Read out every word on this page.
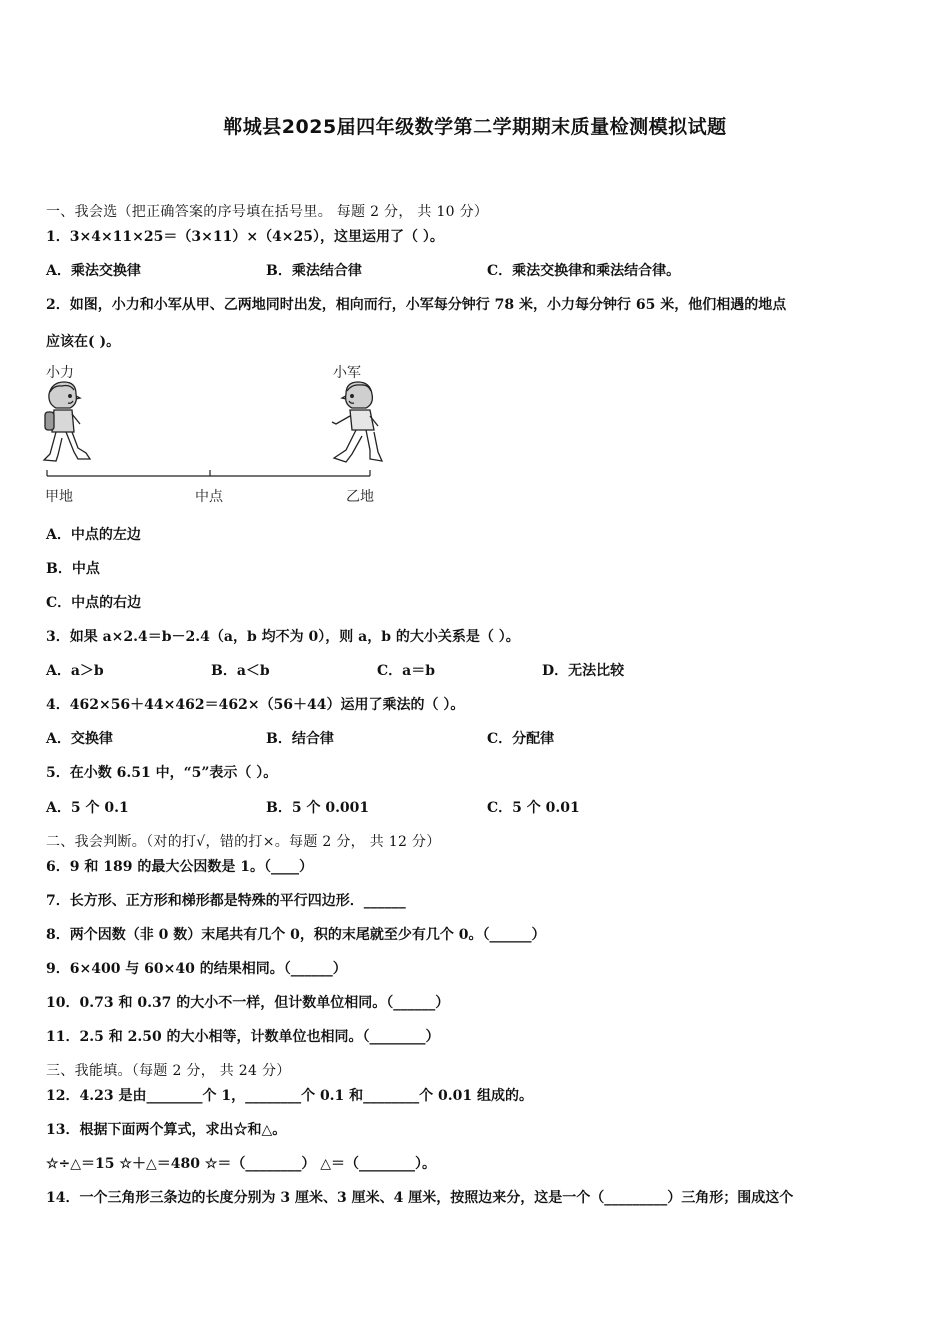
郸城县2025届四年级数学第二学期期末质量检测模拟试题
一、我会选（把正确答案的序号填在括号里。 每题 2 分， 共 10 分）
1．3×4×11×25＝（3×11）×（4×25），这里运用了（ ）。
A．乘法交换律	B．乘法结合律	C．乘法交换律和乘法结合律。
2．如图，小力和小军从甲、乙两地同时出发，相向而行，小军每分钟行 78 米，小力每分钟行 65 米，他们相遇的地点
应该在( )。
小力	小军
甲地	中点	乙地
A．中点的左边
B．中点
C．中点的右边
3．如果 a×2.4＝b－2.4（a，b 均不为 0），则 a，b 的大小关系是（ ）。
A．a＞b	B．a＜b	C．a＝b	D．无法比较
4．462×56＋44×462＝462×（56＋44）运用了乘法的（ ）。
A．交换律	B．结合律	C．分配律
5．在小数 6.51 中，“5”表示（ ）。
A．5 个 0.1	B．5 个 0.001	C．5 个 0.01
二、我会判断。（对的打√，错的打×。每题 2 分， 共 12 分）
6．9 和 189 的最大公因数是 1。（____）
7．长方形、正方形和梯形都是特殊的平行四边形．______
8．两个因数（非 0 数）末尾共有几个 0，积的末尾就至少有几个 0。（______）
9．6×400 与 60×40 的结果相同。（______）
10．0.73 和 0.37 的大小不一样，但计数单位相同。（______）
11．2.5 和 2.50 的大小相等，计数单位也相同。（________）
三、我能填。（每题 2 分， 共 24 分）
12．4.23 是由________个 1，________个 0.1 和________个 0.01 组成的。
13．根据下面两个算式，求出☆和△。
☆÷△＝15 ☆＋△＝480 ☆＝（________） △＝（________）。
14．一个三角形三条边的长度分别为 3 厘米、3 厘米、4 厘米，按照边来分，这是一个（_________）三角形；围成这个
